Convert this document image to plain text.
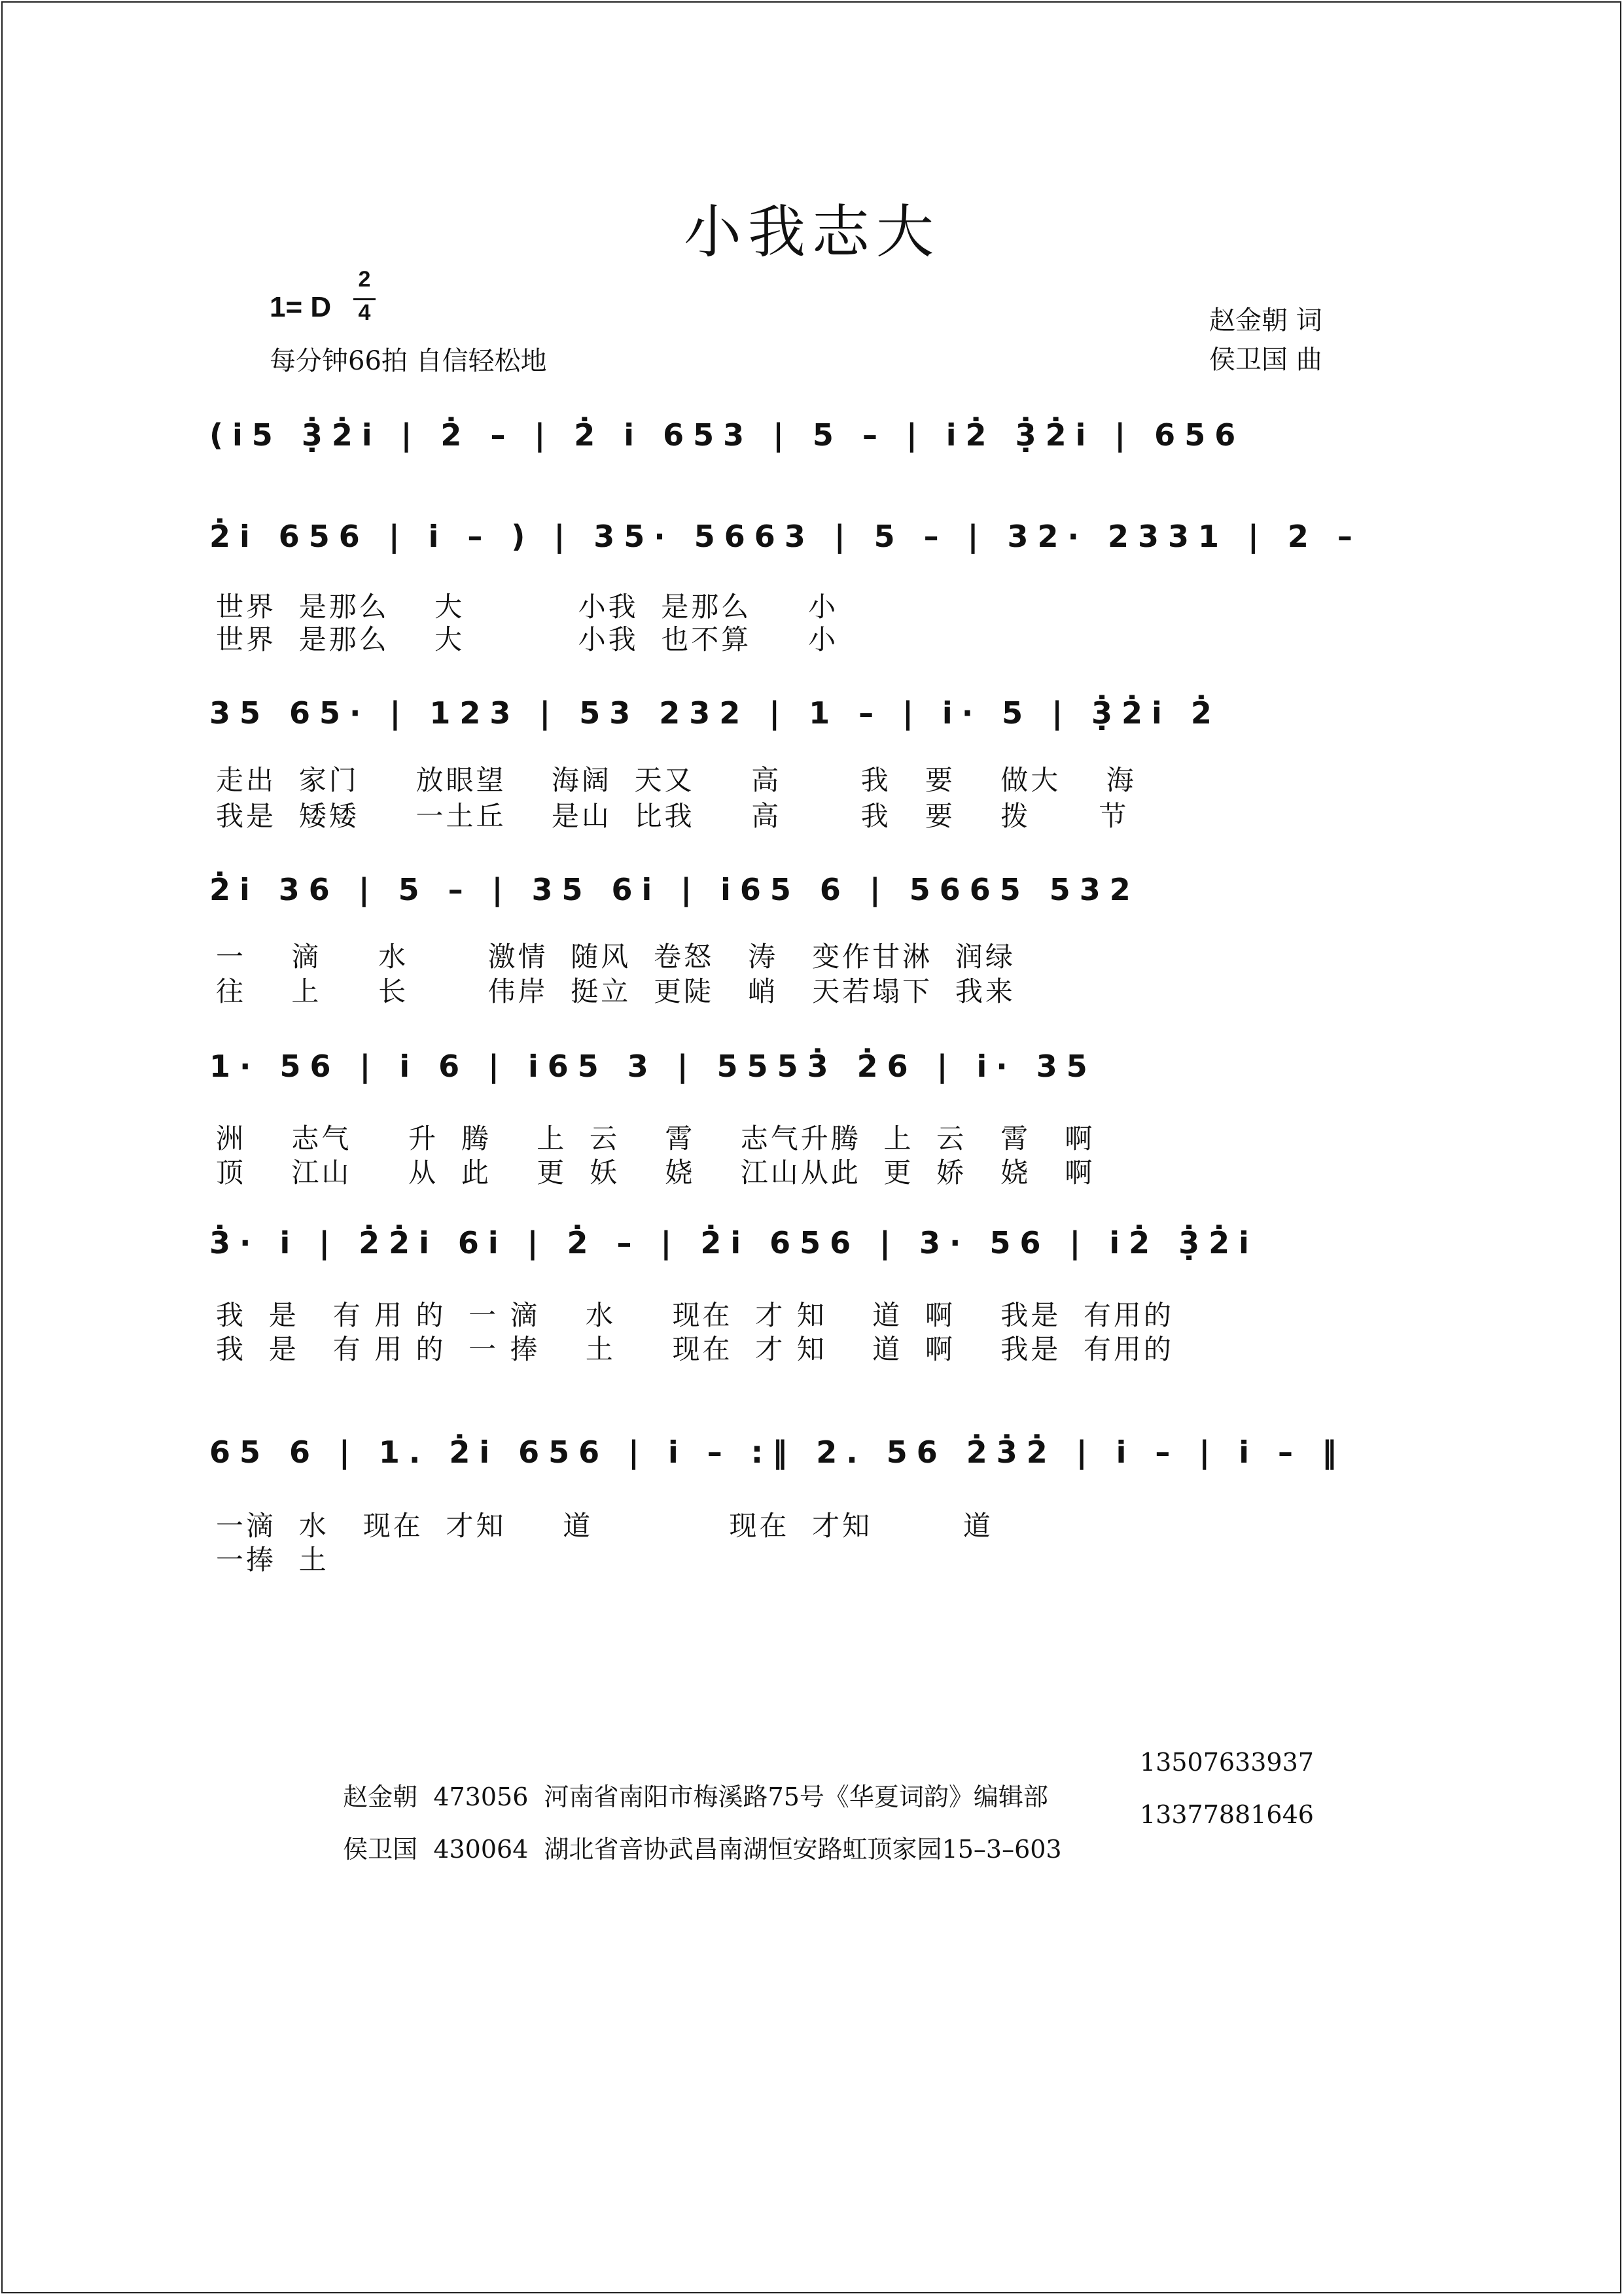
小我志大
1= D
2
4
每分钟66拍 自信轻松地
赵金朝 词
侯卫国 曲
(i̇5 3̣̇2̇i̇ | 2̇ – | 2̇ i̇ 653 | 5 – | i̇2̇ 3̣̇2̇i̇ | 656
2̇i̇ 656 | i̇ – ) | 35· 5663 | 5 – | 32· 2331 | 2 –
世界  是那么    大          小我  是那么     小
世界  是那么    大          小我  也不算     小
35 65· | 123 | 53 232 | 1 – | i̇· 5 | 3̣̇2̇i̇ 2̇
走出  家门     放眼望    海阔  天又     高       我   要    做大    海
我是  矮矮     一土丘    是山  比我     高       我   要    拨      节
2̇i̇ 36 | 5 – | 35 6i̇ | i̇65 6 | 5665 532
一    滴     水       激情  随风  卷怒   涛   变作甘淋  润绿
往    上     长       伟岸  挺立  更陡   峭   天若塌下  我来
1· 56 | i̇ 6 | i̇65 3 | 5553̇ 2̇6 | i̇· 35
洲    志气     升  腾    上  云    霄    志气升腾  上  云   霄   啊
顶    江山     从  此    更  妖    娆    江山从此  更  娇   娆   啊
3̇· i̇ | 2̇2̇i̇ 6i̇ | 2̇ – | 2̇i̇ 656 | 3· 56 | i̇2̇ 3̣̇2̇i̇
我  是   有 用 的  一 滴    水     现在  才 知    道  啊    我是  有用的
我  是   有 用 的  一 捧    土     现在  才 知    道  啊    我是  有用的
65 6 | 1. 2̇i̇ 656 | i̇ – :‖ 2. 56 2̇3̇2̇ | i̇ – | i̇ – ‖
一滴  水   现在  才知     道            现在  才知        道
一捧  土

赵金朝  473056  河南省南阳市梅溪路75号《华夏词韵》编辑部
13507633937

侯卫国  430064  湖北省音协武昌南湖恒安路虹顶家园15–3–603
13377881646
